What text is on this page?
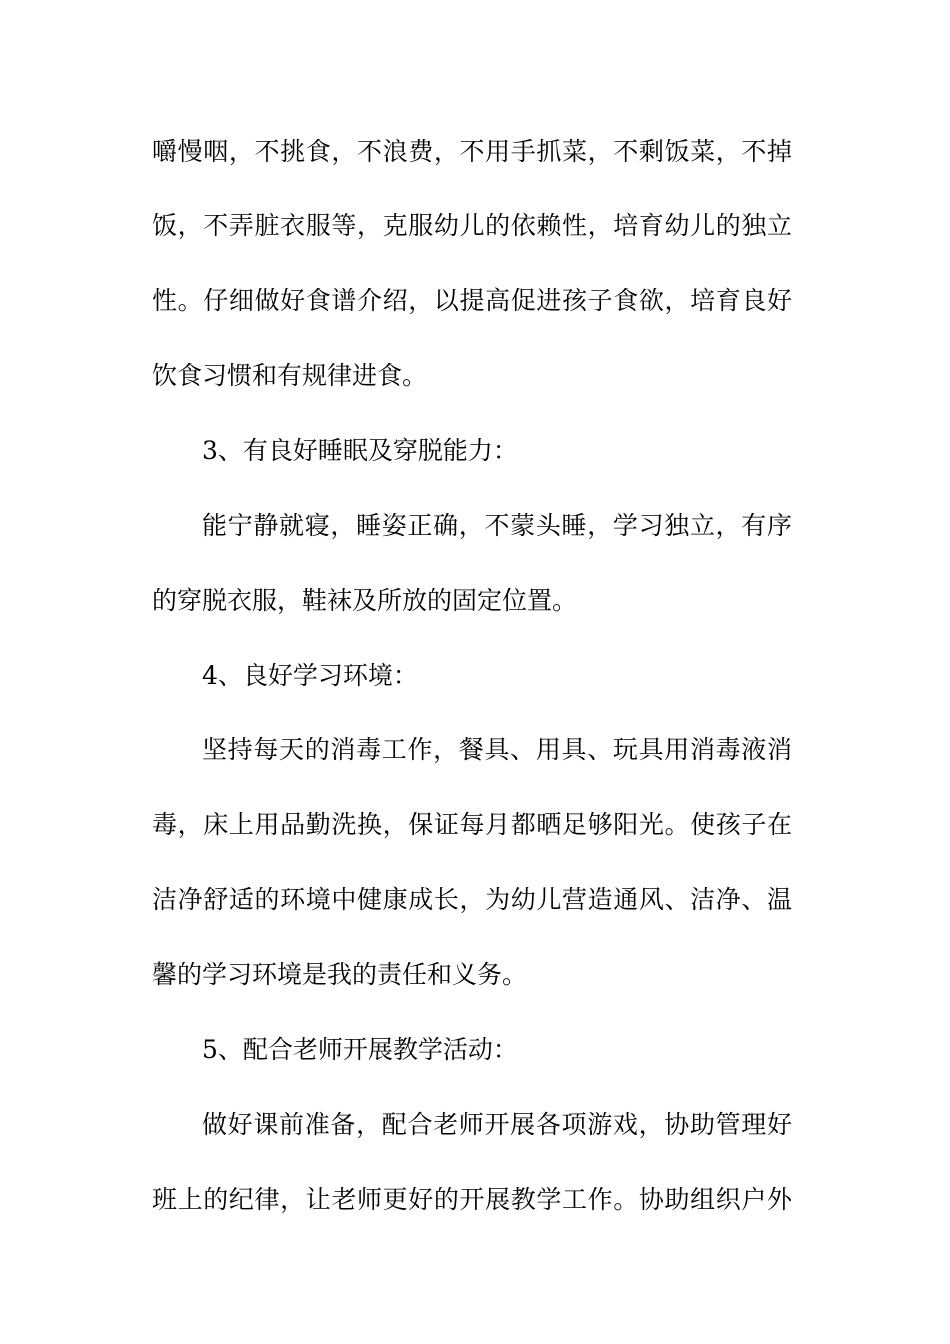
嚼慢咽，不挑食，不浪费，不用手抓菜，不剩饭菜，不掉

饭，不弄脏衣服等，克服幼儿的依赖性，培育幼儿的独立

性。仔细做好食谱介绍，以提高促进孩子食欲，培育良好

饮食习惯和有规律进食。

3、有良好睡眠及穿脱能力：

能宁静就寝，睡姿正确，不蒙头睡，学习独立，有序

的穿脱衣服，鞋袜及所放的固定位置。

4、良好学习环境：

坚持每天的消毒工作，餐具、用具、玩具用消毒液消

毒，床上用品勤洗换，保证每月都晒足够阳光。使孩子在

洁净舒适的环境中健康成长，为幼儿营造通风、洁净、温

馨的学习环境是我的责任和义务。

5、配合老师开展教学活动：

做好课前准备，配合老师开展各项游戏，协助管理好

班上的纪律，让老师更好的开展教学工作。协助组织户外
